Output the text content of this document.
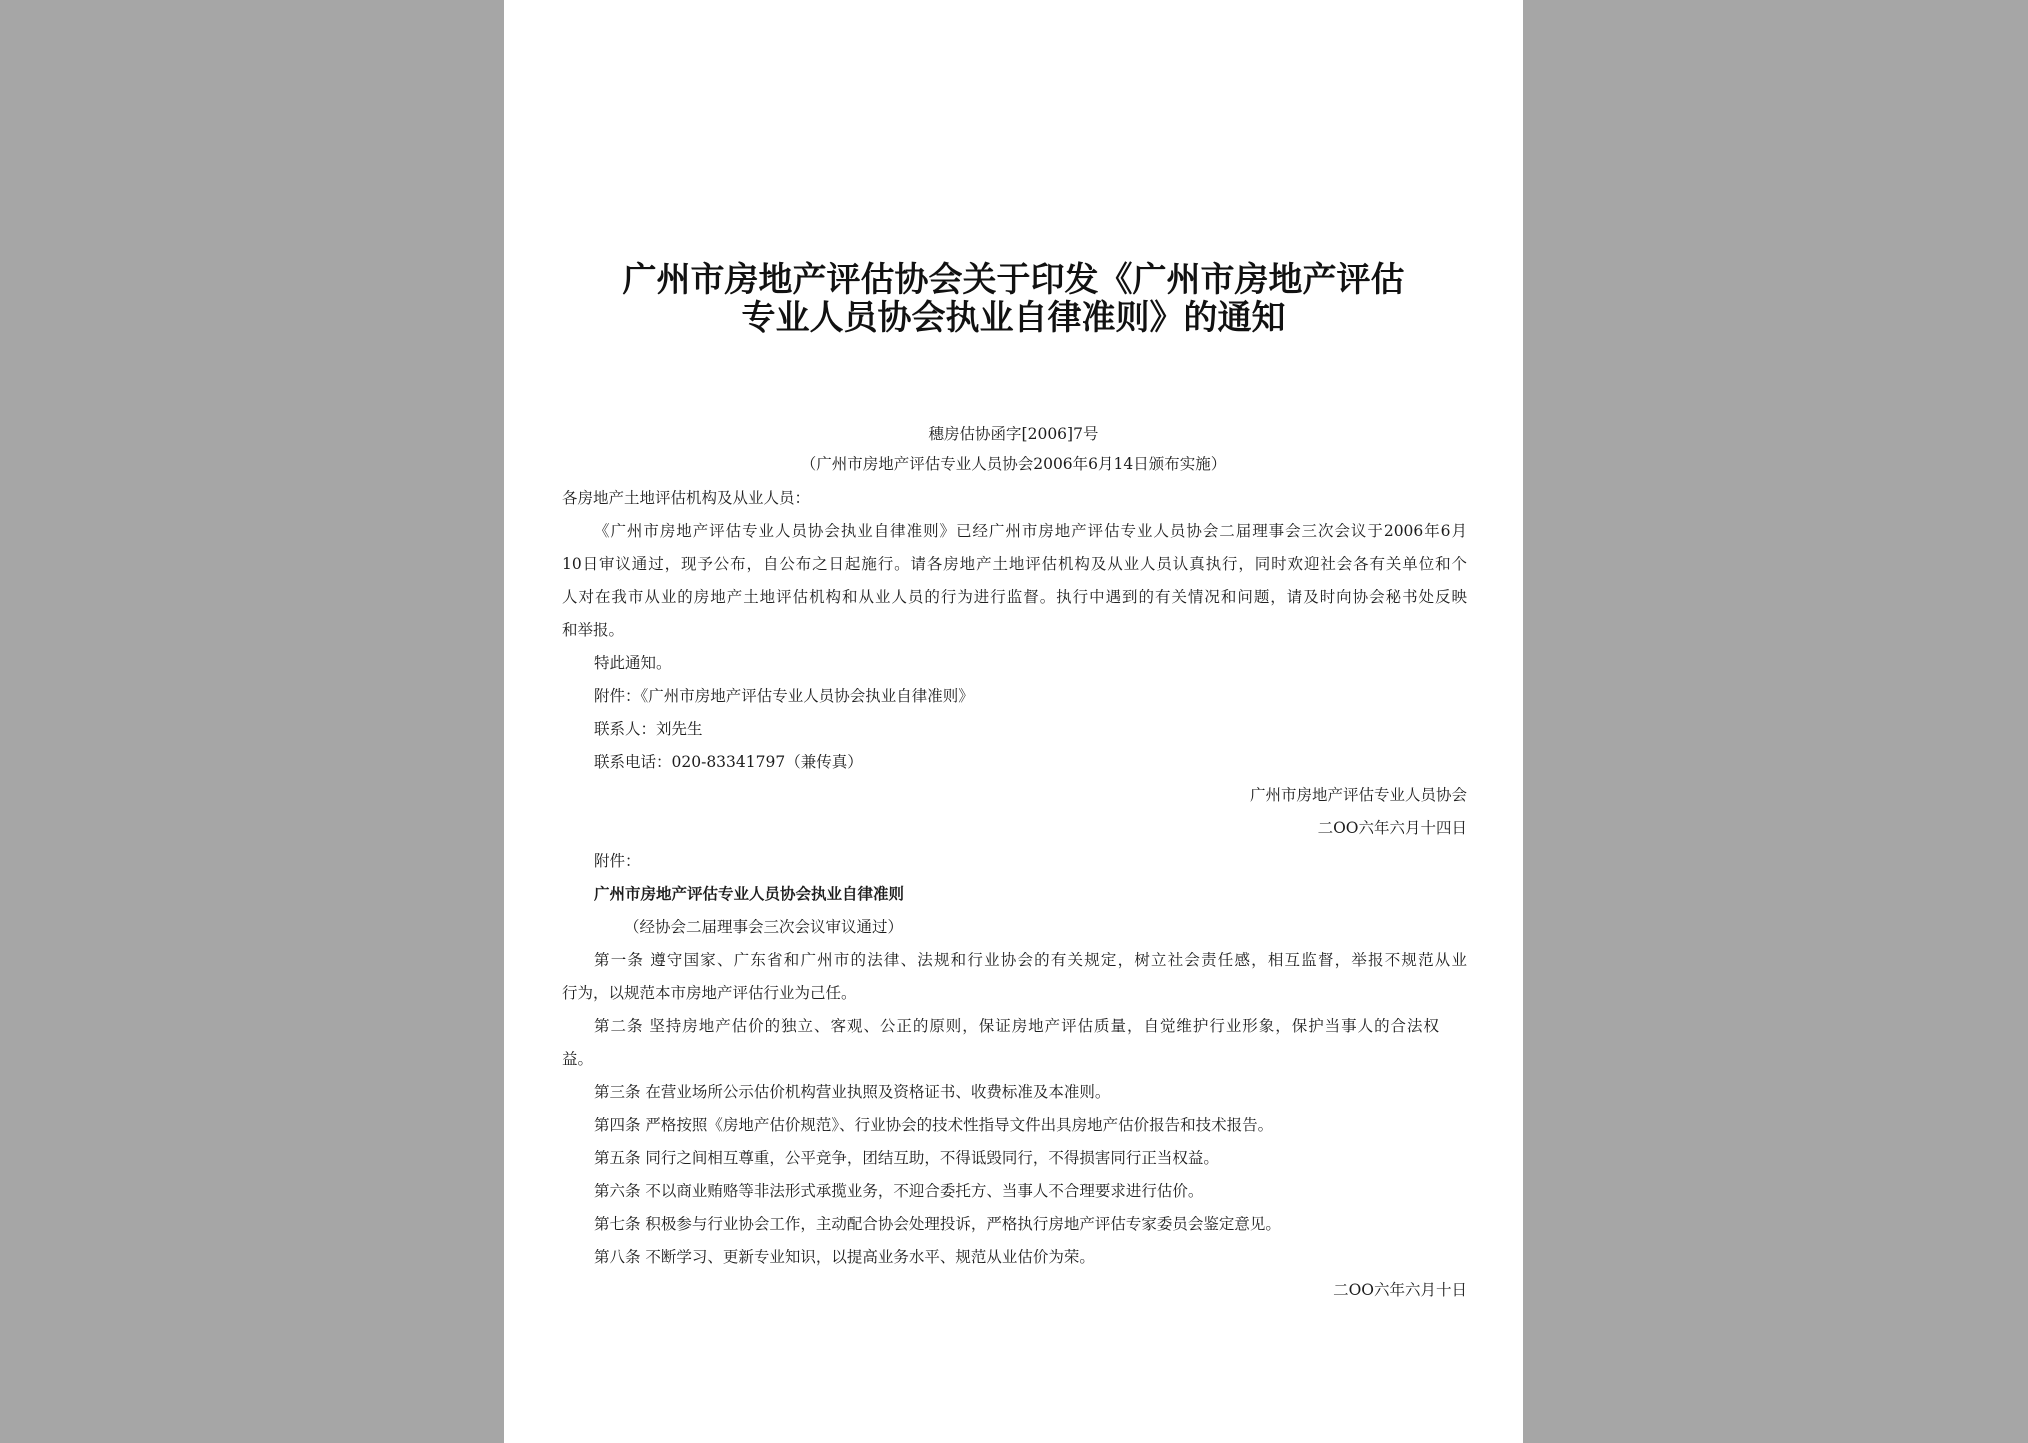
广州市房地产评估协会关于印发《广州市房地产评估
专业人员协会执业自律准则》的通知
穗房估协函字[2006]7号
（广州市房地产评估专业人员协会2006年6月14日颁布实施）
各房地产土地评估机构及从业人员：
《广州市房地产评估专业人员协会执业自律准则》已经广州市房地产评估专业人员协会二届理事会三次会议于2006年6月
10日审议通过，现予公布，自公布之日起施行。请各房地产土地评估机构及从业人员认真执行，同时欢迎社会各有关单位和个
人对在我市从业的房地产土地评估机构和从业人员的行为进行监督。执行中遇到的有关情况和问题，请及时向协会秘书处反映
和举报。
特此通知。
附件：《广州市房地产评估专业人员协会执业自律准则》
联系人：刘先生
联系电话：020-83341797（兼传真）
广州市房地产评估专业人员协会
二OO六年六月十四日
附件：
广州市房地产评估专业人员协会执业自律准则
（经协会二届理事会三次会议审议通过）
第一条 遵守国家、广东省和广州市的法律、法规和行业协会的有关规定，树立社会责任感，相互监督，举报不规范从业
行为，以规范本市房地产评估行业为己任。
第二条 坚持房地产估价的独立、客观、公正的原则，保证房地产评估质量，自觉维护行业形象，保护当事人的合法权
益。
第三条 在营业场所公示估价机构营业执照及资格证书、收费标准及本准则。
第四条 严格按照《房地产估价规范》、行业协会的技术性指导文件出具房地产估价报告和技术报告。
第五条 同行之间相互尊重，公平竞争，团结互助，不得诋毁同行，不得损害同行正当权益。
第六条 不以商业贿赂等非法形式承揽业务，不迎合委托方、当事人不合理要求进行估价。
第七条 积极参与行业协会工作，主动配合协会处理投诉，严格执行房地产评估专家委员会鉴定意见。
第八条 不断学习、更新专业知识，以提高业务水平、规范从业估价为荣。
二OO六年六月十日
